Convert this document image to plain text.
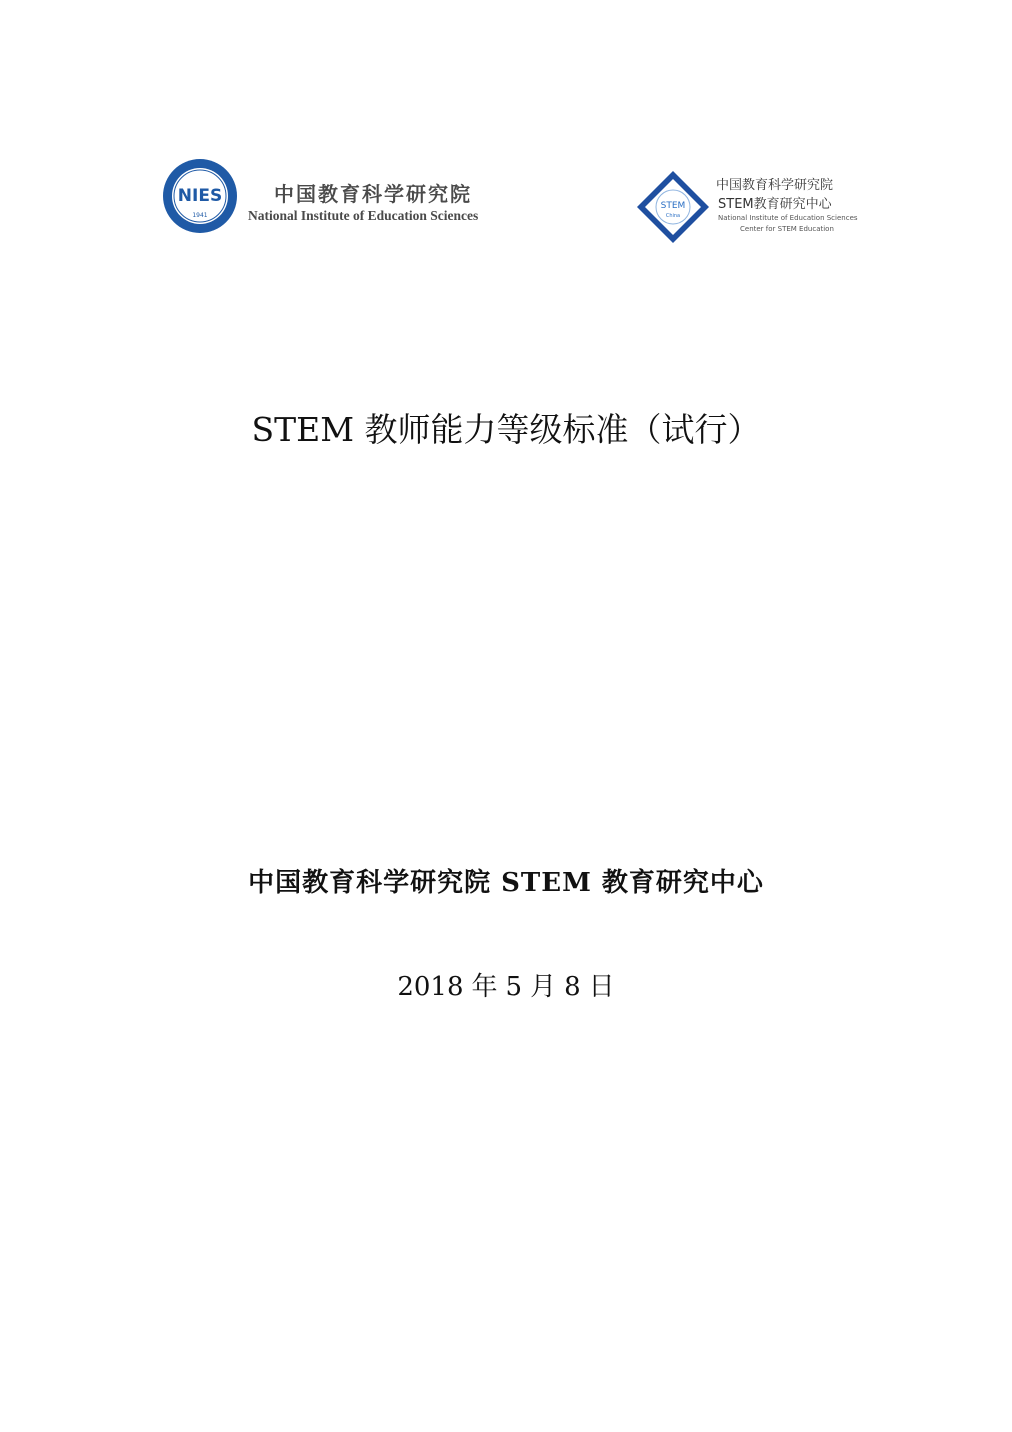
NIES
1941
中国教育科学研究院
National Institute of Education Sciences
STEM
China
中国教育科学研究院
STEM教育研究中心
National Institute of Education Sciences
Center for STEM Education
STEM 教师能力等级标准（试行）
中国教育科学研究院 STEM 教育研究中心
2018 年 5 月 8 日
